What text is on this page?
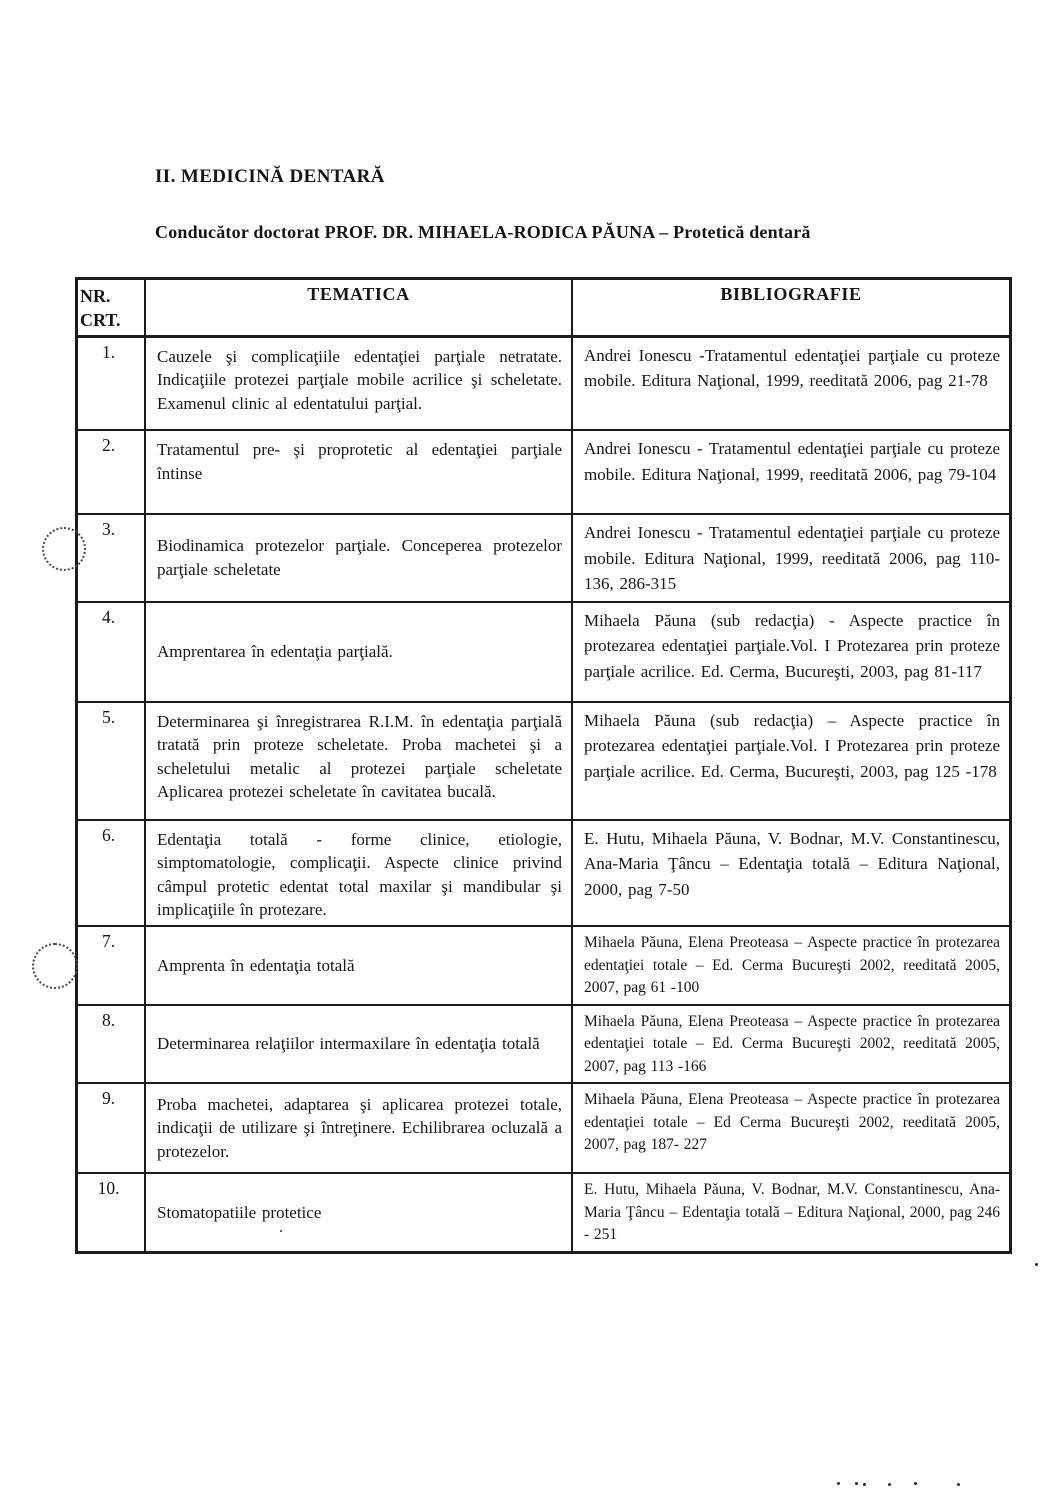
II. MEDICINĂ DENTARĂ
Conducător doctorat PROF. DR. MIHAELA-RODICA PĂUNA – Protetică dentară
NR.
CRT.	TEMATICA	BIBLIOGRAFIE
1.	Cauzele şi complicaţiile edentaţiei parţiale netratate. Indicaţiile protezei parţiale mobile acrilice şi scheletate. Examenul clinic al edentatului parţial.	Andrei Ionescu -Tratamentul edentaţiei parţiale cu proteze mobile. Editura Naţional, 1999, reeditată 2006, pag 21-78
2.	Tratamentul pre- şi proprotetic al edentaţiei parţiale întinse	Andrei Ionescu - Tratamentul edentaţiei parţiale cu proteze mobile. Editura Naţional, 1999, reeditată 2006, pag 79-104
3.	Biodinamica protezelor parţiale. Conceperea protezelor parţiale scheletate	Andrei Ionescu - Tratamentul edentaţiei parţiale cu proteze mobile. Editura Naţional, 1999, reeditată 2006, pag 110-136, 286-315
4.	Amprentarea în edentaţia parţială.	Mihaela Păuna (sub redacţia) - Aspecte practice în protezarea edentaţiei parţiale.Vol. I Protezarea prin proteze parţiale acrilice. Ed. Cerma, Bucureşti, 2003, pag 81-117
5.	Determinarea şi înregistrarea R.I.M. în edentaţia parţială tratată prin proteze scheletate. Proba machetei şi a scheletului metalic al protezei parţiale scheletate Aplicarea protezei scheletate în cavitatea bucală.	Mihaela Păuna (sub redacţia) – Aspecte practice în protezarea edentaţiei parţiale.Vol. I Protezarea prin proteze parţiale acrilice. Ed. Cerma, Bucureşti, 2003, pag 125 -178
6.	Edentaţia totală - forme clinice, etiologie, simptomatologie, complicaţii. Aspecte clinice privind câmpul protetic edentat total maxilar şi mandibular şi implicaţiile în protezare.	E. Hutu, Mihaela Păuna, V. Bodnar, M.V. Constantinescu, Ana-Maria Ţâncu – Edentaţia totală – Editura Naţional, 2000, pag 7-50
7.	Amprenta în edentaţia totală	Mihaela Păuna, Elena Preoteasa – Aspecte practice în protezarea edentaţiei totale – Ed. Cerma Bucureşti 2002, reeditată 2005, 2007, pag 61 -100
8.	Determinarea relaţiilor intermaxilare în edentaţia totală	Mihaela Păuna, Elena Preoteasa – Aspecte practice în protezarea edentaţiei totale – Ed. Cerma Bucureşti 2002, reeditată 2005, 2007, pag 113 -166
9.	Proba machetei, adaptarea şi aplicarea protezei totale, indicaţii de utilizare şi întreţinere. Echilibrarea ocluzală a protezelor.	Mihaela Păuna, Elena Preoteasa – Aspecte practice în protezarea edentaţiei totale – Ed Cerma Bucureşti 2002, reeditată 2005, 2007, pag 187- 227
10.	Stomatopatiile protetice	E. Hutu, Mihaela Păuna, V. Bodnar, M.V. Constantinescu, Ana-Maria Ţâncu – Edentaţia totală – Editura Naţional, 2000, pag 246 - 251
